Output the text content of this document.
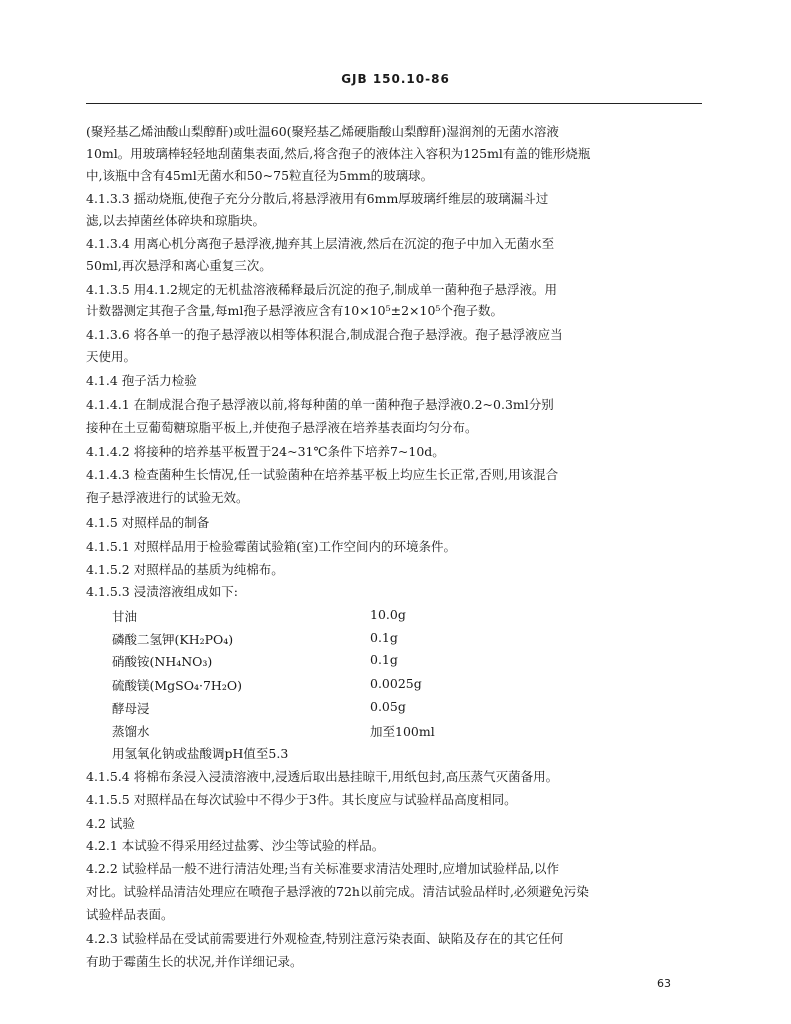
GJB 150.10-86
(聚羟基乙烯油酸山梨醇酐)或吐温60(聚羟基乙烯硬脂酸山梨醇酐)湿润剂的无菌水溶液
10ml。用玻璃棒轻轻地刮菌集表面,然后,将含孢子的液体注入容积为125ml有盖的锥形烧瓶
中,该瓶中含有45ml无菌水和50~75粒直径为5mm的玻璃球。
4.1.3.3 摇动烧瓶,使孢子充分分散后,将悬浮液用有6mm厚玻璃纤维层的玻璃漏斗过
滤,以去掉菌丝体碎块和琼脂块。
4.1.3.4 用离心机分离孢子悬浮液,抛弃其上层清液,然后在沉淀的孢子中加入无菌水至
50ml,再次悬浮和离心重复三次。
4.1.3.5 用4.1.2规定的无机盐溶液稀释最后沉淀的孢子,制成单一菌种孢子悬浮液。用
计数器测定其孢子含量,每ml孢子悬浮液应含有10×10⁵±2×10⁵个孢子数。
4.1.3.6 将各单一的孢子悬浮液以相等体积混合,制成混合孢子悬浮液。孢子悬浮液应当
天使用。
4.1.4 孢子活力检验
4.1.4.1 在制成混合孢子悬浮液以前,将每种菌的单一菌种孢子悬浮液0.2~0.3ml分别
接种在土豆葡萄糖琼脂平板上,并使孢子悬浮液在培养基表面均匀分布。
4.1.4.2 将接种的培养基平板置于24~31℃条件下培养7~10d。
4.1.4.3 检查菌种生长情况,任一试验菌种在培养基平板上均应生长正常,否则,用该混合
孢子悬浮液进行的试验无效。
4.1.5 对照样品的制备
4.1.5.1 对照样品用于检验霉菌试验箱(室)工作空间内的环境条件。
4.1.5.2 对照样品的基质为纯棉布。
4.1.5.3 浸渍溶液组成如下:
甘油	10.0g
磷酸二氢钾(KH₂PO₄)	0.1g
硝酸铵(NH₄NO₃)	0.1g
硫酸镁(MgSO₄·7H₂O)	0.0025g
酵母浸	0.05g
蒸馏水	加至100ml
用氢氧化钠或盐酸调pH值至5.3
4.1.5.4 将棉布条浸入浸渍溶液中,浸透后取出悬挂晾干,用纸包封,高压蒸气灭菌备用。
4.1.5.5 对照样品在每次试验中不得少于3件。其长度应与试验样品高度相同。
4.2 试验
4.2.1 本试验不得采用经过盐雾、沙尘等试验的样品。
4.2.2 试验样品一般不进行清洁处理;当有关标准要求清洁处理时,应增加试验样品,以作
对比。试验样品清洁处理应在喷孢子悬浮液的72h以前完成。清洁试验品样时,必须避免污染
试验样品表面。
4.2.3 试验样品在受试前需要进行外观检查,特别注意污染表面、缺陷及存在的其它任何
有助于霉菌生长的状况,并作详细记录。
63
